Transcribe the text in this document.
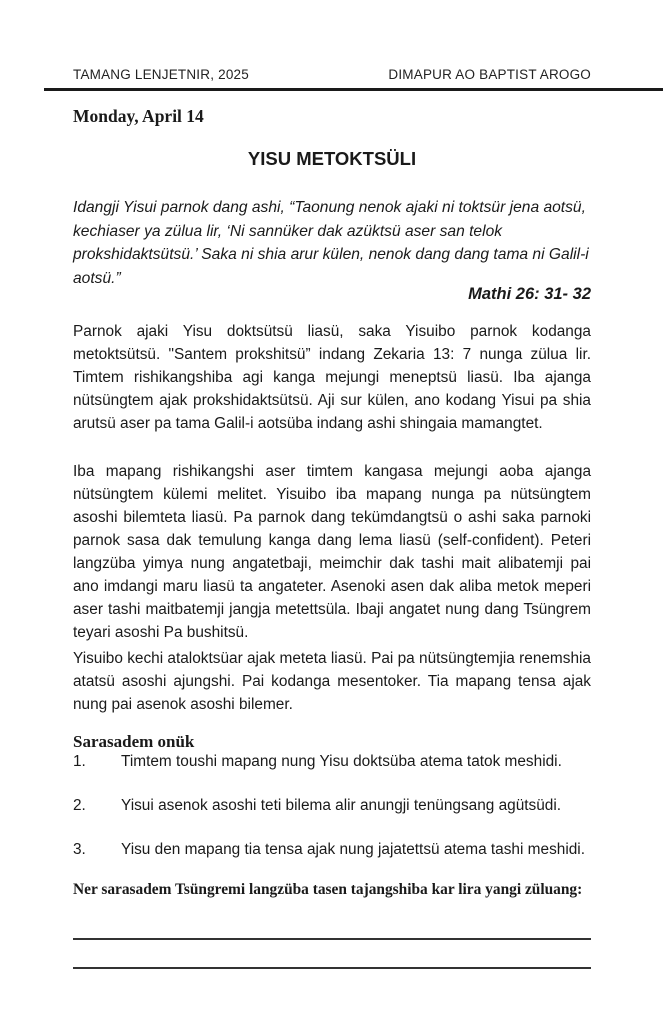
TAMANG LENJETNIR, 2025	DIMAPUR AO BAPTIST AROGO
Monday, April 14
YISU METOKTSÜLI
Idangji Yisui parnok dang ashi, “Taonung nenok ajaki ni toktsür jena aotsü, kechiaser ya zülua lir, ‘Ni sannüker dak azüktsü aser san telok prokshidaktsütsü.’ Saka ni shia arur külen, nenok dang dang tama ni Galil-i aotsü.”
Mathi 26: 31- 32
Parnok ajaki Yisu doktsütsü liasü, saka Yisuibo parnok kodanga metoktsütsü. "Santem prokshitsü” indang Zekaria 13: 7 nunga zülua lir. Timtem rishikangshiba agi kanga mejungi meneptsü liasü. Iba ajanga nütsüngtem ajak prokshidaktsütsü. Aji sur külen, ano kodang Yisui pa shia arutsü aser pa tama Galil-i aotsüba indang ashi shingaia mamangtet.
Iba mapang rishikangshi aser timtem kangasa mejungi aoba ajanga nütsüngtem külemi melitet. Yisuibo iba mapang nunga pa nütsüngtem asoshi bilemteta liasü. Pa parnok dang tekümdangtsü o ashi saka parnoki parnok sasa dak temulung kanga dang lema liasü (self-confident). Peteri langzüba yimya nung angatetbaji, meimchir dak tashi mait alibatemji pai ano imdangi maru liasü ta angateter. Asenoki asen dak aliba metok meperi aser tashi maitbatemji jangja metettsüla. Ibaji angatet nung dang Tsüngrem teyari asoshi Pa bushitsü.
Yisuibo kechi ataloktsüar ajak meteta liasü. Pai pa nütsüngtemjia renemshia atatsü asoshi ajungshi. Pai kodanga mesentoker. Tia mapang tensa ajak nung pai asenok asoshi bilemer.
Sarasadem onük
1.	Timtem toushi mapang nung Yisu doktsüba atema tatok meshidi.
2.	Yisui asenok asoshi teti bilema alir anungji tenüngsang agütsüdi.
3.	Yisu den mapang tia tensa ajak nung jajatettsü atema tashi meshidi.
Ner sarasadem Tsüngremi langzüba tasen tajangshiba kar lira yangi züluang:
